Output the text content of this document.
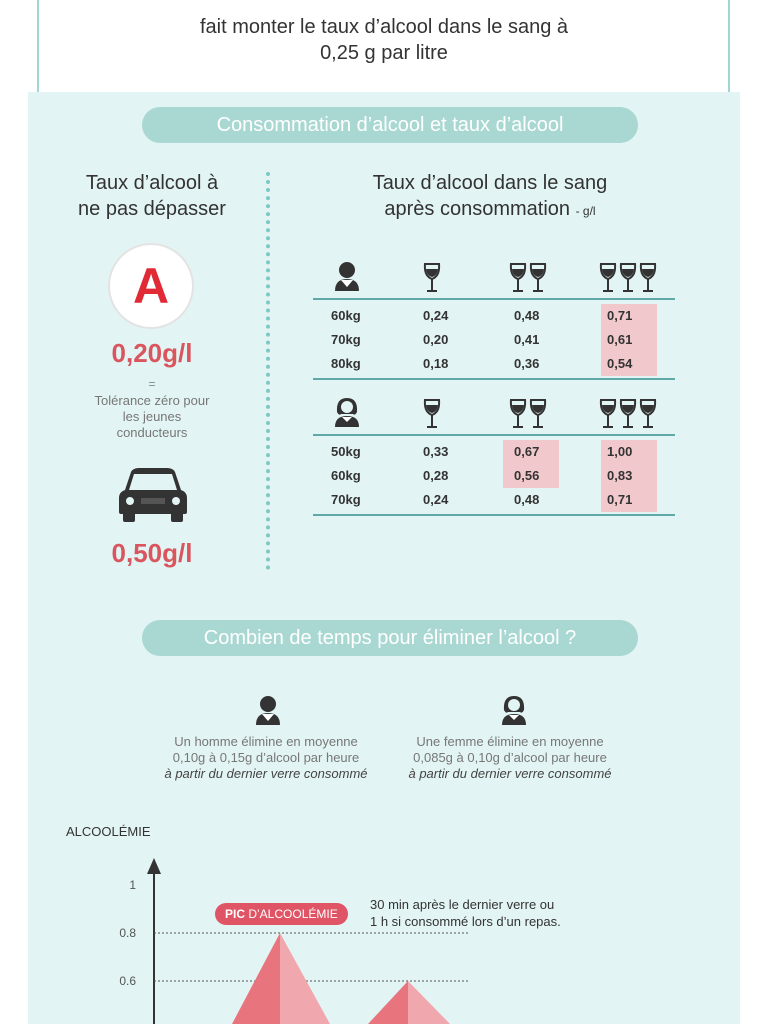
fait monter le taux d’alcool dans le sang à
0,25 g par litre
Consommation d’alcool et taux d’alcool
Taux d’alcool à
ne pas dépasser
Taux d’alcool dans le sang
après consommation - g/l
A
0,20g/l
=
Tolérance zéro pour
les jeunes
conducteurs
0,50g/l
60kg	0,24	0,48	0,71
70kg	0,20	0,41	0,61
80kg	0,18	0,36	0,54
50kg	0,33	0,67	1,00
60kg	0,28	0,56	0,83
70kg	0,24	0,48	0,71
Combien de temps pour éliminer l’alcool ?
Un homme élimine en moyenne
0,10g à 0,15g d’alcool par heure
à partir du dernier verre consommé
Une femme élimine en moyenne
0,085g à 0,10g d’alcool par heure
à partir du dernier verre consommé
ALCOOLÉMIE
1
0.8
0.6
PIC D’ALCOOLÉMIE
30 min après le dernier verre ou
1 h si consommé lors d’un repas.
